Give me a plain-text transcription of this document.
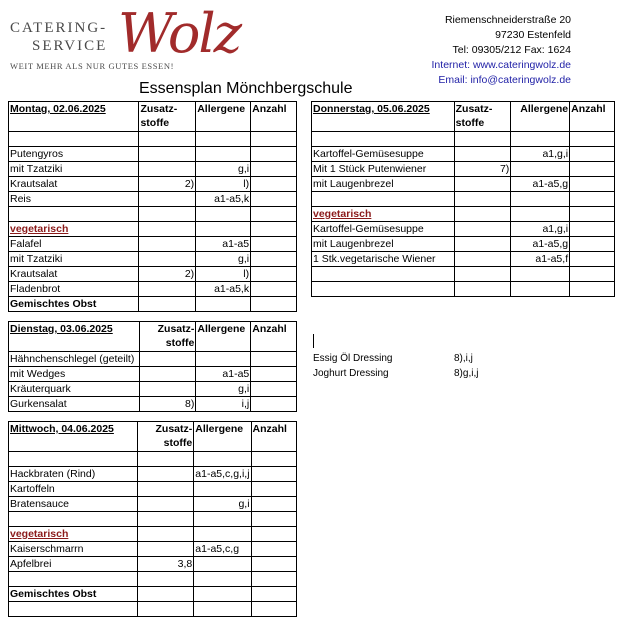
CATERING-
SERVICE Wolz
WEIT MEHR ALS NUR GUTES ESSEN!
Riemenschneiderstraße 20
97230 Estenfeld
Tel: 09305/212 Fax: 1624
Internet: www.cateringwolz.de
Email: info@cateringwolz.de
Essensplan Mönchbergschule
Montag, 02.06.2025	Zusatz-
stoffe	Allergene	Anzahl

Putengyros			
mit Tzatziki		g,i	
Krautsalat	2)	l)	
Reis		a1-a5,k	

vegetarisch			
Falafel		a1-a5	
mit Tzatziki		g,i	
Krautsalat	2)	l)	
Fladenbrot		a1-a5,k	
Gemischtes Obst			
Dienstag, 03.06.2025	Zusatz-
stoffe	Allergene	Anzahl
Hähnchenschlegel (geteilt)			
mit Wedges		a1-a5	
Kräuterquark		g,i	
Gurkensalat	8)	i,j	
Mittwoch, 04.06.2025	Zusatz-
stoffe	Allergene	Anzahl

Hackbraten (Rind)		a1-a5,c,g,i,j	
Kartoffeln			
Bratensauce		g,i	

vegetarisch			
Kaiserschmarrn		a1-a5,c,g	
Apfelbrei	3,8		

Gemischtes Obst			

Donnerstag, 05.06.2025	Zusatz-
stoffe	Allergene	Anzahl

Kartoffel-Gemüsesuppe		a1,g,i	
Mit 1 Stück Putenwiener	7)		
mit Laugenbrezel		a1-a5,g	

vegetarisch			
Kartoffel-Gemüsesuppe		a1,g,i	
mit Laugenbrezel		a1-a5,g	
1 Stk.vegetarische Wiener		a1-a5,f	

Essig Öl Dressing	8),i,j
Joghurt Dressing	8)g,i,j
